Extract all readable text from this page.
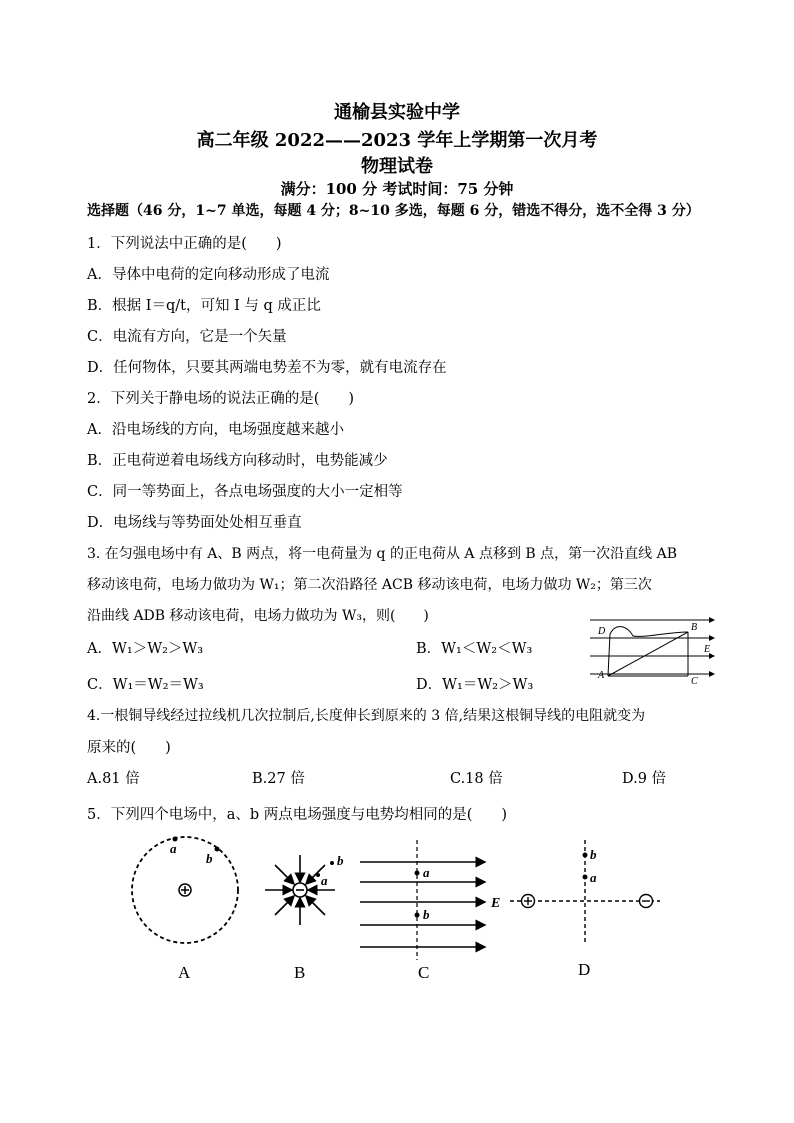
通榆县实验中学
高二年级 2022——2023 学年上学期第一次月考
物理试卷
满分：100 分 考试时间：75 分钟
选择题（46 分，1~7 单选，每题 4 分；8~10 多选，每题 6 分，错选不得分，选不全得 3 分）
1．下列说法中正确的是(　　)
A．导体中电荷的定向移动形成了电流
B．根据 I＝q/t，可知 I 与 q 成正比
C．电流有方向，它是一个矢量
D．任何物体，只要其两端电势差不为零，就有电流存在
2．下列关于静电场的说法正确的是(　　)
A．沿电场线的方向，电场强度越来越小
B．正电荷逆着电场线方向移动时，电势能减少
C．同一等势面上，各点电场强度的大小一定相等
D．电场线与等势面处处相互垂直
3. 在匀强电场中有 A、B 两点，将一电荷量为 q 的正电荷从 A 点移到 B 点，第一次沿直线 AB
移动该电荷，电场力做功为 W₁；第二次沿路径 ACB 移动该电荷，电场力做功 W₂；第三次
沿曲线 ADB 移动该电荷，电场力做功为 W₃，则(　　)
A．W₁＞W₂＞W₃	B．W₁＜W₂＜W₃
C．W₁＝W₂＝W₃	D．W₁＝W₂＞W₃
D	B
A
C
E
4.一根铜导线经过拉线机几次拉制后,长度伸长到原来的 3 倍,结果这根铜导线的电阻就变为
原来的(　　)
A.81 倍	B.27 倍	C.18 倍	D.9 倍
5．下列四个电场中，a、b 两点电场强度与电势均相同的是(　　)
a
b
a
b
a
b
E
b
a
A	B	C	D
